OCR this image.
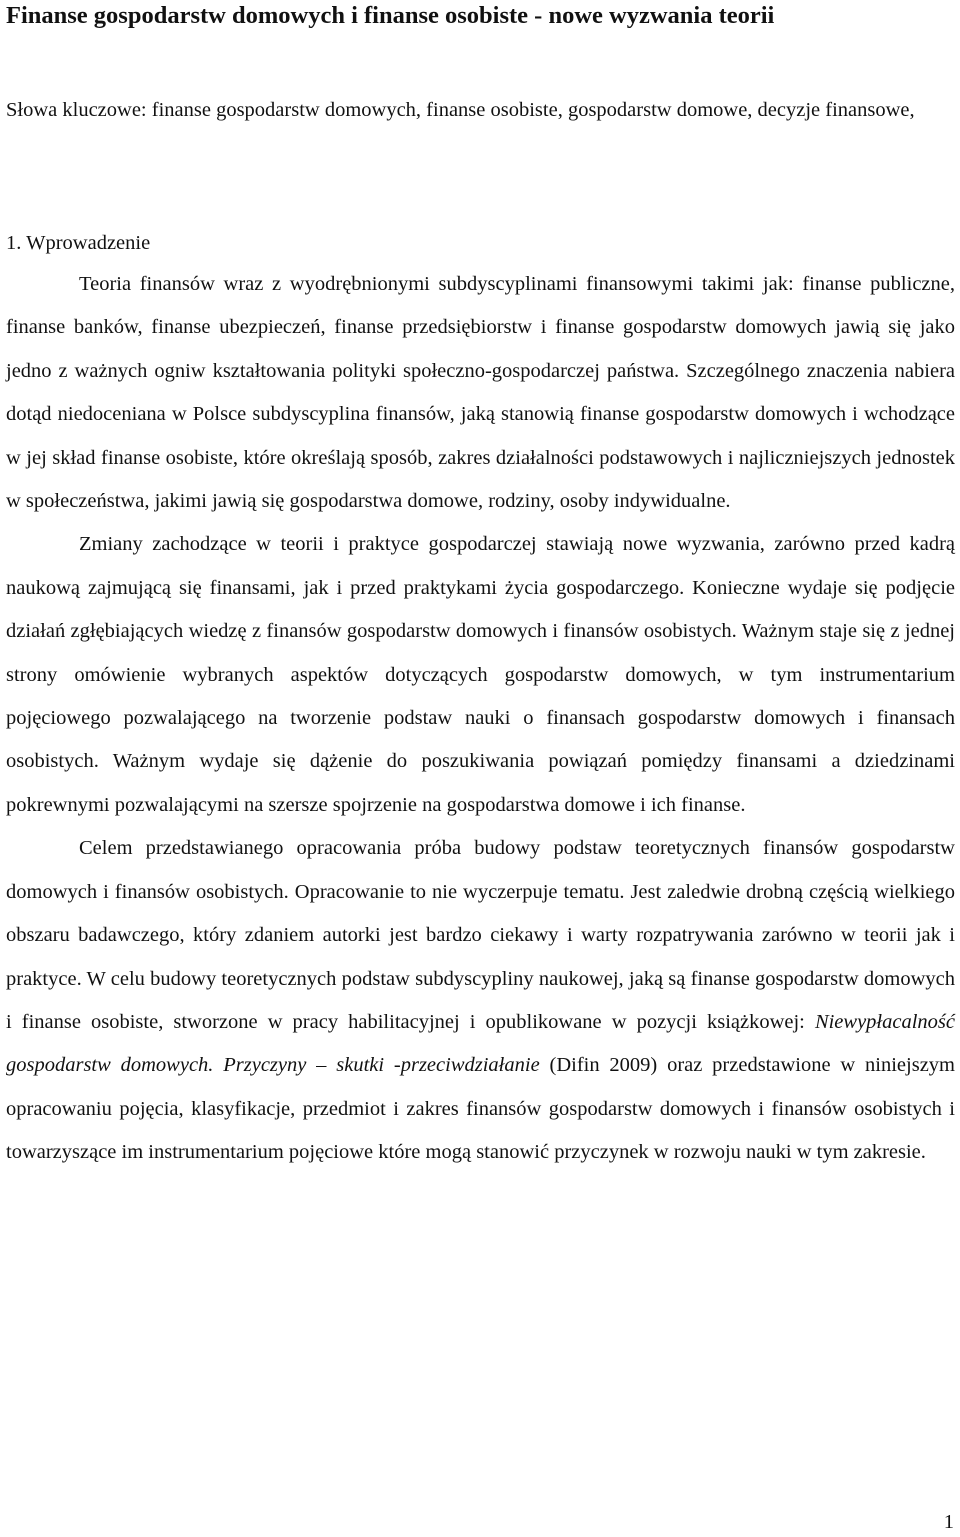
Finanse gospodarstw domowych i finanse osobiste - nowe wyzwania teorii

Słowa kluczowe: finanse gospodarstw domowych, finanse osobiste, gospodarstw domowe, decyzje finansowe,

1. Wprowadzenie

Teoria finansów wraz z wyodrębnionymi subdyscyplinami finansowymi takimi jak: finanse publiczne, finanse banków, finanse ubezpieczeń, finanse przedsiębiorstw i finanse gospodarstw domowych jawią się jako jedno z ważnych ogniw kształtowania polityki społeczno-gospodarczej państwa. Szczególnego znaczenia nabiera dotąd niedoceniana w Polsce subdyscyplina finansów, jaką stanowią finanse gospodarstw domowych i wchodzące w jej skład finanse osobiste, które określają sposób, zakres działalności podstawowych i najliczniejszych jednostek w społeczeństwa, jakimi jawią się gospodarstwa domowe, rodziny, osoby indywidualne.

Zmiany zachodzące w teorii i praktyce gospodarczej stawiają nowe wyzwania, zarówno przed kadrą naukową zajmującą się finansami, jak i przed praktykami życia gospodarczego. Konieczne wydaje się podjęcie działań zgłębiających wiedzę z finansów gospodarstw domowych i finansów osobistych. Ważnym staje się z jednej strony omówienie wybranych aspektów dotyczących gospodarstw domowych, w tym instrumentarium pojęciowego pozwalającego na tworzenie podstaw nauki o finansach gospodarstw domowych i finansach osobistych. Ważnym wydaje się dążenie do poszukiwania powiązań pomiędzy finansami a dziedzinami pokrewnymi pozwalającymi na szersze spojrzenie na gospodarstwa domowe i ich finanse.

Celem przedstawianego opracowania próba budowy podstaw teoretycznych finansów gospodarstw domowych i finansów osobistych. Opracowanie to nie wyczerpuje tematu. Jest zaledwie drobną częścią wielkiego obszaru badawczego, który zdaniem autorki jest bardzo ciekawy i warty rozpatrywania zarówno w teorii jak i praktyce. W celu budowy teoretycznych podstaw subdyscypliny naukowej, jaką są finanse gospodarstw domowych i finanse osobiste, stworzone w pracy habilitacyjnej i opublikowane w pozycji książkowej: Niewypłacalność gospodarstw domowych. Przyczyny – skutki -przeciwdziałanie (Difin 2009) oraz przedstawione w niniejszym opracowaniu pojęcia, klasyfikacje, przedmiot i zakres finansów gospodarstw domowych i finansów osobistych i towarzyszące im instrumentarium pojęciowe które mogą stanowić przyczynek w rozwoju nauki w tym zakresie.

1
